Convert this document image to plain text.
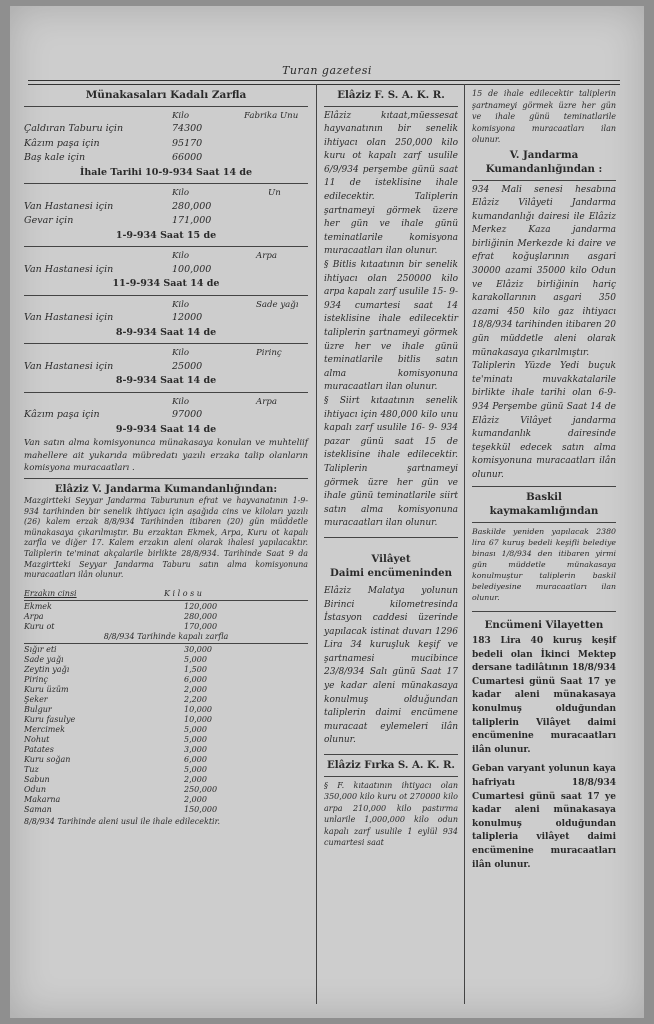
Turan gazetesi
Münakasaları Kadalı Zarfla
Kilo	Fabrika Unu
Çaldıran Taburu için	74300
Kâzım paşa için	95170
Baş kale için	66000
İhale Tarihi 10-9-934 Saat 14 de
Kilo	Un
Van Hastanesi için	280,000
Gevar için	171,000
1-9-934 Saat 15 de
Kilo	Arpa
Van Hastanesi için	100,000
11-9-934 Saat 14 de
Kilo	Sade yağı
Van Hastanesi için	12000
8-9-934 Saat 14 de
Kilo	Pirinç
Van Hastanesi için	25000
8-9-934 Saat 14 de
Kilo	Arpa
Kâzım paşa için	97000
9-9-934 Saat 14 de
Van satın alma komisyonunca münakasaya konulan ve muhteliif mahellere ait yukarıda mübredatı yazılı erzaka talip olanların komisyona muracaatları .
Elâziz V. Jandarma Kumandanlığından:
Mazgirtteki Seyyar Jandarma Taburunun efrat ve hayvanatının 1-9-934 tarihinden bir senelik ihtiyacı için aşağıda cins ve kiloları yazılı (26) kalem erzak 8/8/934 Tarihinden itibaren (20) gün müddetle münakasaya çıkarılmıştır. Bu erzaktan Ekmek, Arpa, Kuru ot kapalı zarfla ve diğer 17. Kalem erzakın aleni olarak ihalesi yapılacaktır. Taliplerin te'minat akçalarile birlikte 28/8/934. Tarihinde Saat 9 da Mazgirtteki Seyyar Jandarma Taburu satın alma komisyonuna muracaatları ilân olunur.
Erzakın cinsi	K i l o s u
Ekmek	120,000
Arpa	280,000
Kuru ot	170,000
8/8/934 Tarihinde kapalı zarfla
Sığır eti	30,000
Sade yağı	5,000
Zeytin yağı	1,500
Pirinç	6,000
Kuru üzüm	2,000
Şeker	2,200
Bulgur	10,000
Kuru fasulye	10,000
Mercimek	5,000
Nohut	5,000
Patates	3,000
Kuru soğan	6,000
Tuz	5,000
Sabun	2,000
Odun	250,000
Makarna	2,000
Saman	150,000
8/8/934 Tarihinde aleni usul ile ihale edilecektir.
Elâziz F. S. A. K. R.
Elâziz kıtaat,müessesat hayvanatının bir senelik ihtiyacı olan 250,000 kilo kuru ot kapalı zarf usulile 6/9/934 perşembe günü saat 11 de isteklisine ihale edilecektir. Taliplerin şartnameyi görmek üzere her gün ve ihale günü teminatlarile komisyona muracaatları ilan olunur.
§ Bitlis kıtaatının bir senelik ihtiyacı olan 250000 kilo arpa kapalı zarf usulile 15- 9- 934 cumartesi saat 14 isteklisine ihale edilecektir taliplerin şartnameyi görmek üzre her ve ihale günü teminatlarile bitlis satın alma komisyonuna muracaatları ilan olunur.
§ Siirt kıtaatının senelik ihtiyacı için 480,000 kilo unu kapalı zarf usulile 16- 9- 934 pazar günü saat 15 de isteklisine ihale edilecektir. Taliplerin şartnameyi görmek üzre her gün ve ihale günü teminatlarile siirt satın alma komisyonuna muracaatları ilan olunur.
Vilâyet
Daimi encümeninden
Elâziz Malatya yolunun Birinci kilometresinda İstasyon caddesi üzerinde yapılacak istinat duvarı 1296 Lira 34 kuruşluk keşif ve şartnamesi mucibince 23/8/934 Salı günü Saat 17 ye kadar aleni münakasaya konulmuş olduğundan taliplerin daimi encümene muracaat eylemeleri ilân olunur.
Elâziz Fırka S. A. K. R.
§ F. kıtaatının ihtiyacı olan 350,000 kilo kuru ot 270000 kilo arpa 210,000 kilo pastırma unlarile 1,000,000 kilo odun kapalı zarf usulile 1 eylül 934 cumartesi saat
15 de ihale edilecektir taliplerin şartnameyi görmek üzre her gün ve ihale günü teminatlarile komisyona muracaatları ilan olunur.
V. Jandarma Kumandanlığından :
934 Mali senesi hesabına Elâziz Vilâyeti Jandarma kumandanlığı dairesi ile Elâziz Merkez Kaza jandarma birliğinin Merkezde ki daire ve efrat koğuşlarının asgari 30000 azami 35000 kilo Odun ve Elâziz birliğinin hariç karakollarının asgari 350 azami 450 kilo gaz ihtiyacı 18/8/934 tarihinden itibaren 20 gün müddetle aleni olarak münakasaya çıkarılmıştır.
Taliplerin Yüzde Yedi buçuk te'minatı muvakkatalarile birlikte ihale tarihi olan 6-9-934 Perşembe günü Saat 14 de Elâziz Vilâyet jandarma kumandanlık dairesinde teşekkül edecek satın alma komisyonuna muracaatları ilân olunur.
Baskil kaymakamlığından
Baskilde yeniden yapılacak 2380 lira 67 kuruş bedeli keşifli belediye binası 1/8/934 den itibaren yirmi gün müddetle münakasaya konulmuştur taliplerin baskil belediyesine muracaatları ilan olunur.
Encümeni Vilayetten
183 Lira 40 kuruş keşif bedeli olan İkinci Mektep dersane tadilâtının 18/8/934 Cumartesi günü Saat 17 ye kadar aleni münakasaya konulmuş olduğundan taliplerin Vilâyet daimi encümenine muracaatları ilân olunur.
Geban varyant yolunun kaya hafriyatı 18/8/934 Cumartesi günü saat 17 ye kadar aleni münakasaya konulmuş olduğundan talipleria vilâyet daimi encümenine muracaatları ilân olunur.
